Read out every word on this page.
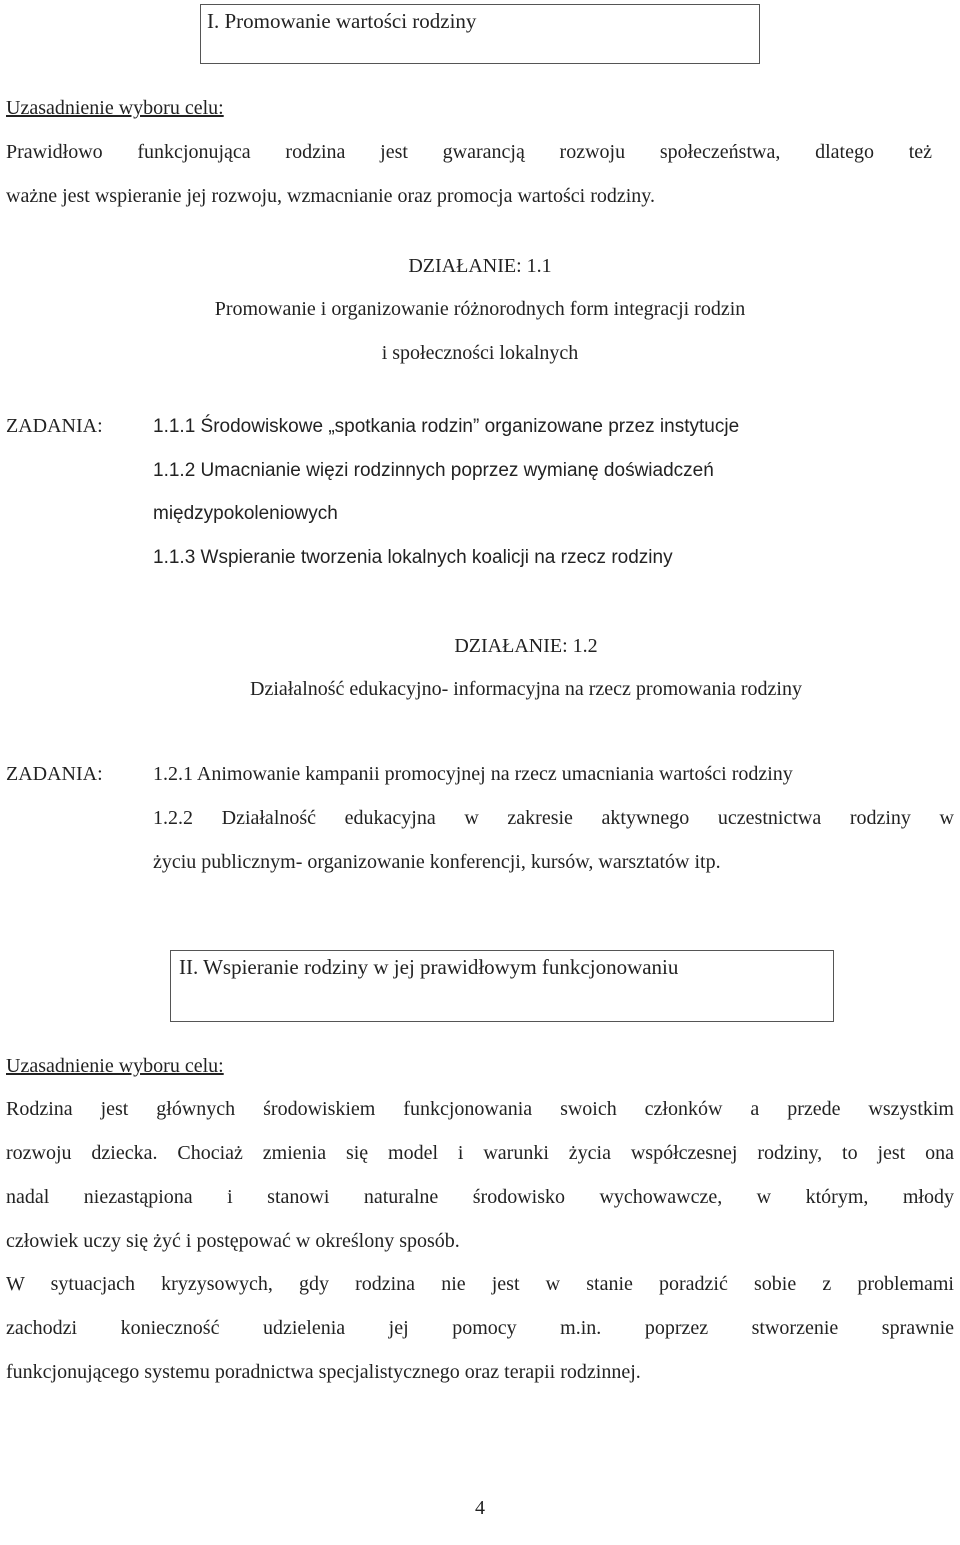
I. Promowanie wartości rodziny
Uzasadnienie wyboru celu:
Prawidłowo funkcjonująca rodzina jest gwarancją rozwoju społeczeństwa, dlatego też
ważne jest wspieranie jej rozwoju, wzmacnianie oraz promocja wartości rodziny.
DZIAŁANIE: 1.1
Promowanie i organizowanie różnorodnych form integracji rodzin
i społeczności lokalnych
ZADANIA:	1.1.1 Środowiskowe „spotkania rodzin” organizowane przez instytucje
1.1.2 Umacnianie więzi rodzinnych poprzez wymianę doświadczeń
międzypokoleniowych
1.1.3 Wspieranie tworzenia lokalnych koalicji na rzecz rodziny
DZIAŁANIE: 1.2
Działalność edukacyjno- informacyjna na rzecz promowania rodziny
ZADANIA:	1.2.1 Animowanie kampanii promocyjnej na rzecz umacniania wartości rodziny
1.2.2 Działalność edukacyjna w zakresie aktywnego uczestnictwa rodziny w
życiu publicznym- organizowanie konferencji, kursów, warsztatów itp.
II. Wspieranie rodziny w jej prawidłowym funkcjonowaniu
Uzasadnienie wyboru celu:
Rodzina jest głównych środowiskiem funkcjonowania swoich członków a przede wszystkim
rozwoju dziecka. Chociaż zmienia się model i warunki życia współczesnej rodziny, to jest ona
nadal niezastąpiona i stanowi naturalne środowisko wychowawcze, w którym, młody
człowiek uczy się żyć i postępować w określony sposób.
W sytuacjach kryzysowych, gdy rodzina nie jest w stanie poradzić sobie z problemami
zachodzi konieczność udzielenia jej pomocy m.in. poprzez stworzenie sprawnie
funkcjonującego systemu poradnictwa specjalistycznego oraz terapii rodzinnej.
4
